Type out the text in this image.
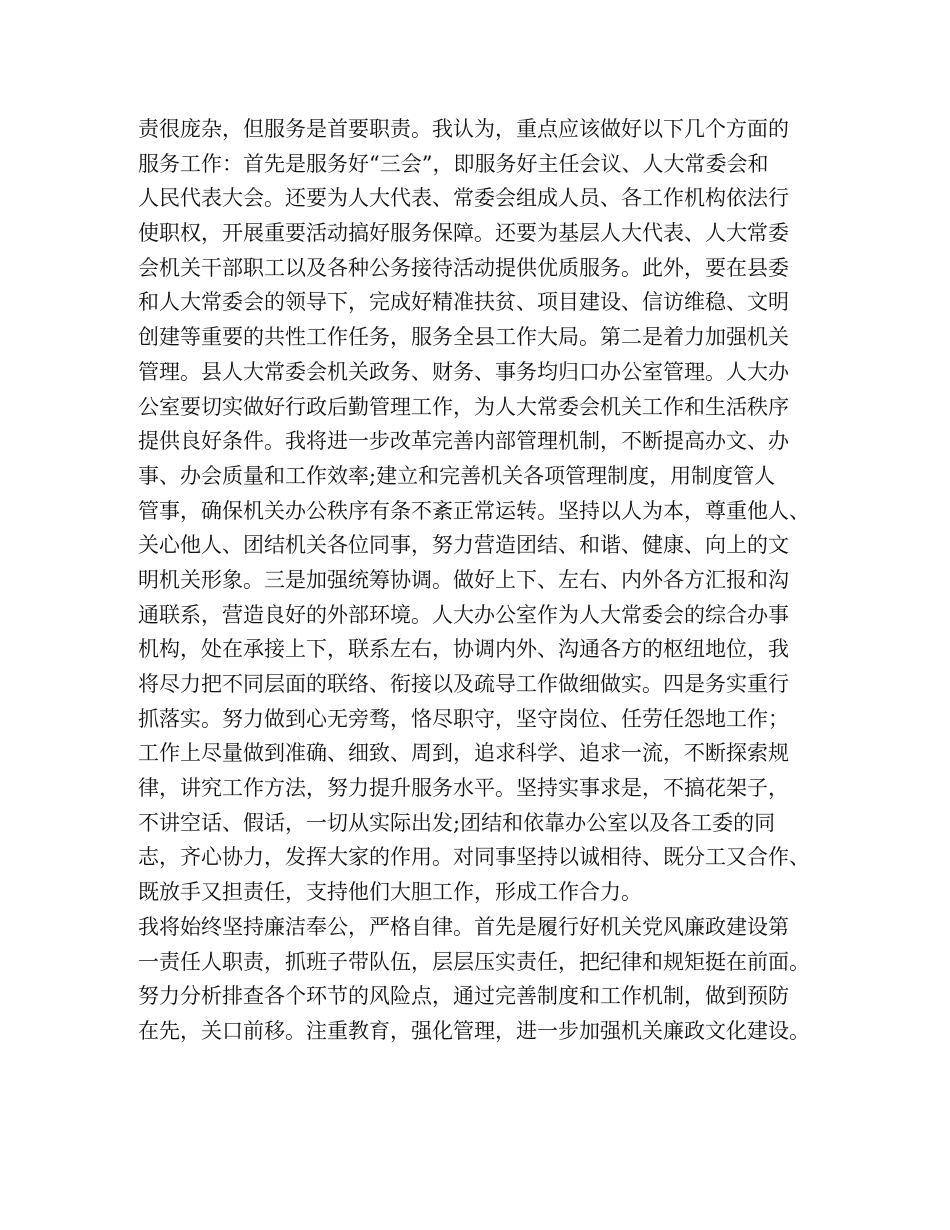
责很庞杂，但服务是首要职责。我认为，重点应该做好以下几个方面的
服务工作：首先是服务好“三会”，即服务好主任会议、人大常委会和
人民代表大会。还要为人大代表、常委会组成人员、各工作机构依法行
使职权，开展重要活动搞好服务保障。还要为基层人大代表、人大常委
会机关干部职工以及各种公务接待活动提供优质服务。此外，要在县委
和人大常委会的领导下，完成好精准扶贫、项目建设、信访维稳、文明
创建等重要的共性工作任务，服务全县工作大局。第二是着力加强机关
管理。县人大常委会机关政务、财务、事务均归口办公室管理。人大办
公室要切实做好行政后勤管理工作，为人大常委会机关工作和生活秩序
提供良好条件。我将进一步改革完善内部管理机制，不断提高办文、办
事、办会质量和工作效率;建立和完善机关各项管理制度，用制度管人
管事，确保机关办公秩序有条不紊正常运转。坚持以人为本，尊重他人、
关心他人、团结机关各位同事，努力营造团结、和谐、健康、向上的文
明机关形象。三是加强统筹协调。做好上下、左右、内外各方汇报和沟
通联系，营造良好的外部环境。人大办公室作为人大常委会的综合办事
机构，处在承接上下，联系左右，协调内外、沟通各方的枢纽地位，我
将尽力把不同层面的联络、衔接以及疏导工作做细做实。四是务实重行
抓落实。努力做到心无旁骛，恪尽职守，坚守岗位、任劳任怨地工作；
工作上尽量做到准确、细致、周到，追求科学、追求一流，不断探索规
律，讲究工作方法，努力提升服务水平。坚持实事求是，不搞花架子，
不讲空话、假话，一切从实际出发;团结和依靠办公室以及各工委的同
志，齐心协力，发挥大家的作用。对同事坚持以诚相待、既分工又合作、
既放手又担责任，支持他们大胆工作，形成工作合力。
我将始终坚持廉洁奉公，严格自律。首先是履行好机关党风廉政建设第
一责任人职责，抓班子带队伍，层层压实责任，把纪律和规矩挺在前面。
努力分析排查各个环节的风险点，通过完善制度和工作机制，做到预防
在先，关口前移。注重教育，强化管理，进一步加强机关廉政文化建设。
